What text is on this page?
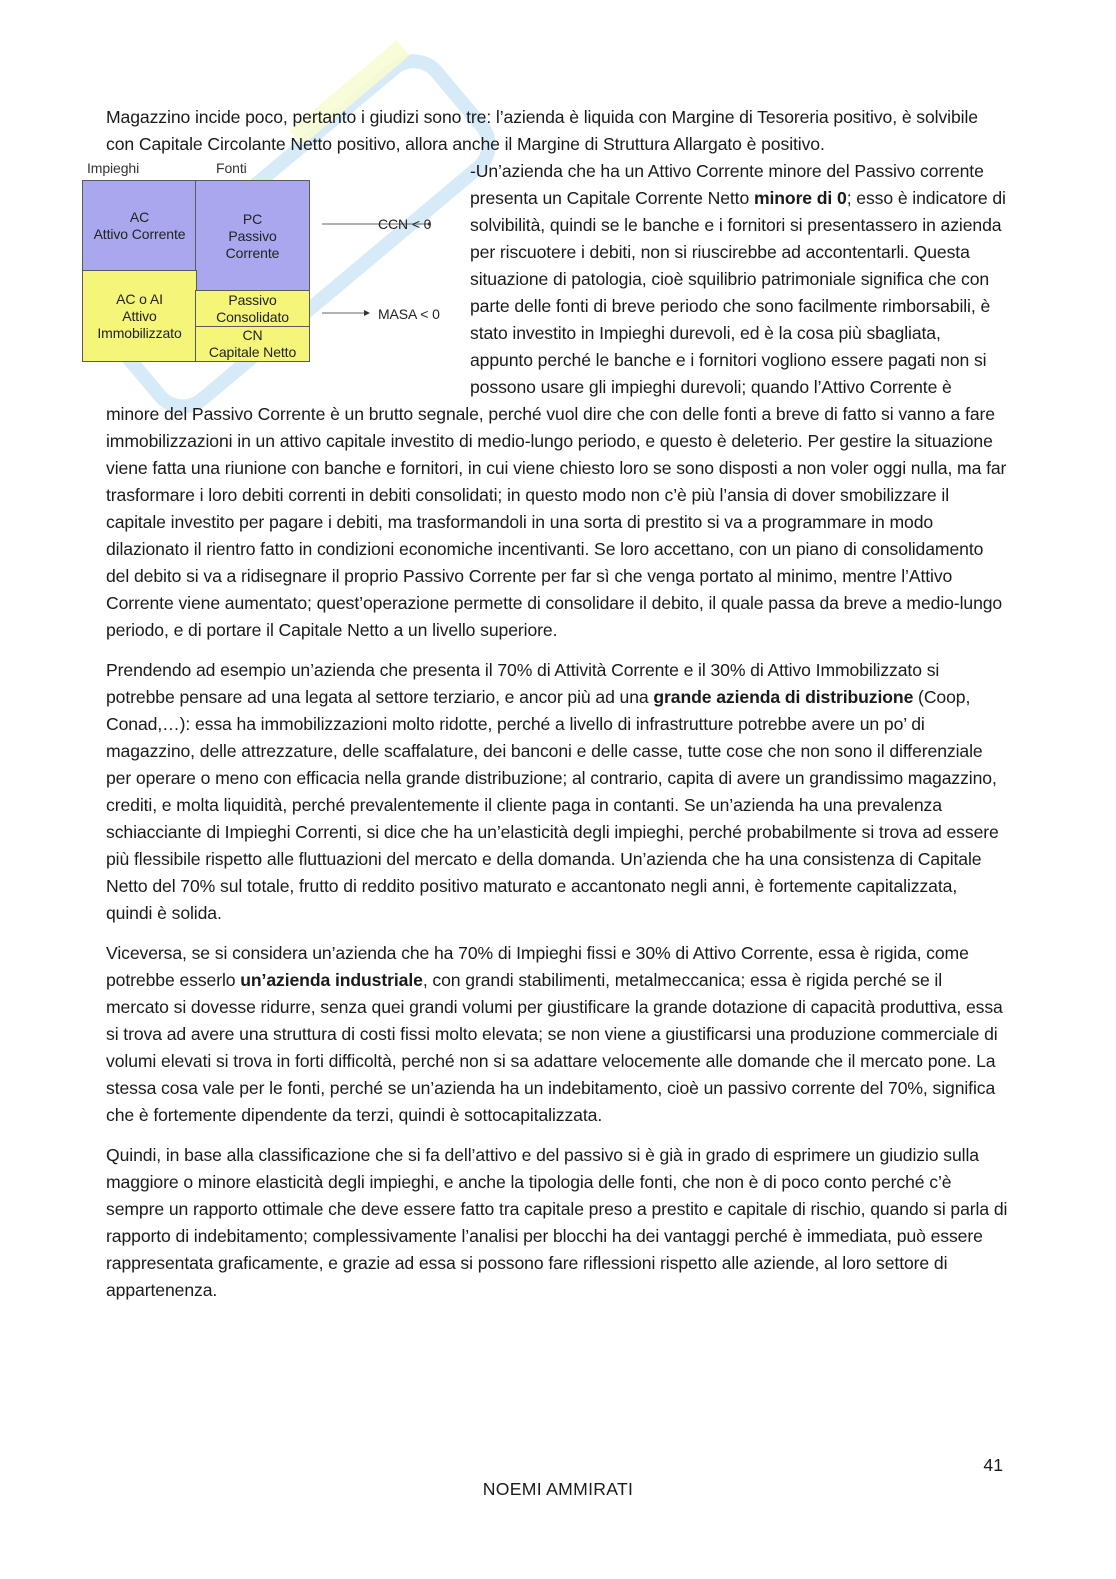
Magazzino incide poco, pertanto i giudizi sono tre: l’azienda è liquida con Margine di Tesoreria positivo, è solvibile con Capitale Circolante Netto positivo, allora anche il Margine di Struttura Allargato è positivo.

Impieghi	Fonti
AC
Attivo Corrente
PC
Passivo
Corrente
AC o AI
Attivo
Immobilizzato
Passivo
Consolidato
CN
Capitale Netto
CCN < 0
MASA < 0

-Un’azienda che ha un Attivo Corrente minore del Passivo corrente presenta un Capitale Corrente Netto minore di 0; esso è indicatore di solvibilità, quindi se le banche e i fornitori si presentassero in azienda per riscuotere i debiti, non si riuscirebbe ad accontentarli. Questa situazione di patologia, cioè squilibrio patrimoniale significa che con parte delle fonti di breve periodo che sono facilmente rimborsabili, è stato investito in Impieghi durevoli, ed è la cosa più sbagliata, appunto perché le banche e i fornitori vogliono essere pagati non si possono usare gli impieghi durevoli; quando l’Attivo Corrente è minore del Passivo Corrente è un brutto segnale, perché vuol dire che con delle fonti a breve di fatto si vanno a fare immobilizzazioni in un attivo capitale investito di medio-lungo periodo, e questo è deleterio. Per gestire la situazione viene fatta una riunione con banche e fornitori, in cui viene chiesto loro se sono disposti a non voler oggi nulla, ma far trasformare i loro debiti correnti in debiti consolidati; in questo modo non c’è più l’ansia di dover smobilizzare il capitale investito per pagare i debiti, ma trasformandoli in una sorta di prestito si va a programmare in modo dilazionato il rientro fatto in condizioni economiche incentivanti. Se loro accettano, con un piano di consolidamento del debito si va a ridisegnare il proprio Passivo Corrente per far sì che venga portato al minimo, mentre l’Attivo Corrente viene aumentato; quest’operazione permette di consolidare il debito, il quale passa da breve a medio-lungo periodo, e di portare il Capitale Netto a un livello superiore.

Prendendo ad esempio un’azienda che presenta il 70% di Attività Corrente e il 30% di Attivo Immobilizzato si potrebbe pensare ad una legata al settore terziario, e ancor più ad una grande azienda di distribuzione (Coop, Conad,…): essa ha immobilizzazioni molto ridotte, perché a livello di infrastrutture potrebbe avere un po’ di magazzino, delle attrezzature, delle scaffalature, dei banconi e delle casse, tutte cose che non sono il differenziale per operare o meno con efficacia nella grande distribuzione; al contrario, capita di avere un grandissimo magazzino, crediti, e molta liquidità, perché prevalentemente il cliente paga in contanti. Se un’azienda ha una prevalenza schiacciante di Impieghi Correnti, si dice che ha un’elasticità degli impieghi, perché probabilmente si trova ad essere più flessibile rispetto alle fluttuazioni del mercato e della domanda. Un’azienda che ha una consistenza di Capitale Netto del 70% sul totale, frutto di reddito positivo maturato e accantonato negli anni, è fortemente capitalizzata, quindi è solida.

Viceversa, se si considera un’azienda che ha 70% di Impieghi fissi e 30% di Attivo Corrente, essa è rigida, come potrebbe esserlo un’azienda industriale, con grandi stabilimenti, metalmeccanica; essa è rigida perché se il mercato si dovesse ridurre, senza quei grandi volumi per giustificare la grande dotazione di capacità produttiva, essa si trova ad avere una struttura di costi fissi molto elevata; se non viene a giustificarsi una produzione commerciale di volumi elevati si trova in forti difficoltà, perché non si sa adattare velocemente alle domande che il mercato pone. La stessa cosa vale per le fonti, perché se un’azienda ha un indebitamento, cioè un passivo corrente del 70%, significa che è fortemente dipendente da terzi, quindi è sottocapitalizzata.

Quindi, in base alla classificazione che si fa dell’attivo e del passivo si è già in grado di esprimere un giudizio sulla maggiore o minore elasticità degli impieghi, e anche la tipologia delle fonti, che non è di poco conto perché c’è sempre un rapporto ottimale che deve essere fatto tra capitale preso a prestito e capitale di rischio, quando si parla di rapporto di indebitamento; complessivamente l’analisi per blocchi ha dei vantaggi perché è immediata, può essere rappresentata graficamente, e grazie ad essa si possono fare riflessioni rispetto alle aziende, al loro settore di appartenenza.

41
NOEMI AMMIRATI
